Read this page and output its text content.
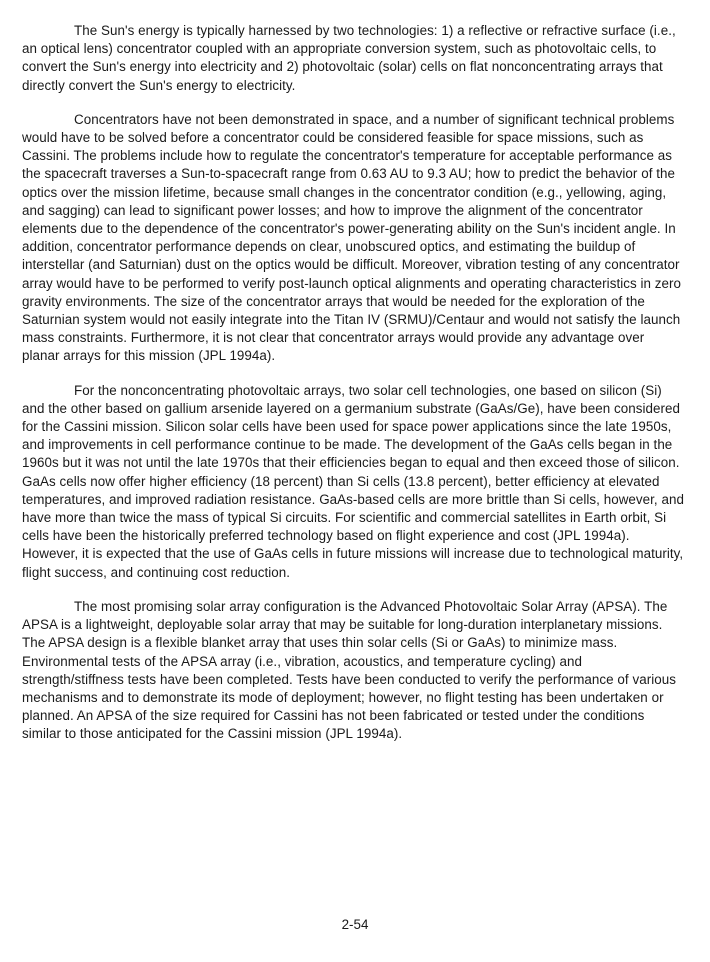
The Sun's energy is typically harnessed by two technologies: 1) a reflective or refractive surface (i.e., an optical lens) concentrator coupled with an appropriate conversion system, such as photovoltaic cells, to convert the Sun's energy into electricity and 2) photovoltaic (solar) cells on flat nonconcentrating arrays that directly convert the Sun's energy to electricity.

Concentrators have not been demonstrated in space, and a number of significant technical problems would have to be solved before a concentrator could be considered feasible for space missions, such as Cassini. The problems include how to regulate the concentrator's temperature for acceptable performance as the spacecraft traverses a Sun-to-spacecraft range from 0.63 AU to 9.3 AU; how to predict the behavior of the optics over the mission lifetime, because small changes in the concentrator condition (e.g., yellowing, aging, and sagging) can lead to significant power losses; and how to improve the alignment of the concentrator elements due to the dependence of the concentrator's power-generating ability on the Sun's incident angle. In addition, concentrator performance depends on clear, unobscured optics, and estimating the buildup of interstellar (and Saturnian) dust on the optics would be difficult. Moreover, vibration testing of any concentrator array would have to be performed to verify post-launch optical alignments and operating characteristics in zero gravity environments. The size of the concentrator arrays that would be needed for the exploration of the Saturnian system would not easily integrate into the Titan IV (SRMU)/Centaur and would not satisfy the launch mass constraints. Furthermore, it is not clear that concentrator arrays would provide any advantage over planar arrays for this mission (JPL 1994a).

For the nonconcentrating photovoltaic arrays, two solar cell technologies, one based on silicon (Si) and the other based on gallium arsenide layered on a germanium substrate (GaAs/Ge), have been considered for the Cassini mission. Silicon solar cells have been used for space power applications since the late 1950s, and improvements in cell performance continue to be made. The development of the GaAs cells began in the 1960s but it was not until the late 1970s that their efficiencies began to equal and then exceed those of silicon. GaAs cells now offer higher efficiency (18 percent) than Si cells (13.8 percent), better efficiency at elevated temperatures, and improved radiation resistance. GaAs-based cells are more brittle than Si cells, however, and have more than twice the mass of typical Si circuits. For scientific and commercial satellites in Earth orbit, Si cells have been the historically preferred technology based on flight experience and cost (JPL 1994a). However, it is expected that the use of GaAs cells in future missions will increase due to technological maturity, flight success, and continuing cost reduction.

The most promising solar array configuration is the Advanced Photovoltaic Solar Array (APSA). The APSA is a lightweight, deployable solar array that may be suitable for long-duration interplanetary missions. The APSA design is a flexible blanket array that uses thin solar cells (Si or GaAs) to minimize mass. Environmental tests of the APSA array (i.e., vibration, acoustics, and temperature cycling) and strength/stiffness tests have been completed. Tests have been conducted to verify the performance of various mechanisms and to demonstrate its mode of deployment; however, no flight testing has been undertaken or planned. An APSA of the size required for Cassini has not been fabricated or tested under the conditions similar to those anticipated for the Cassini mission (JPL 1994a).

2-54
